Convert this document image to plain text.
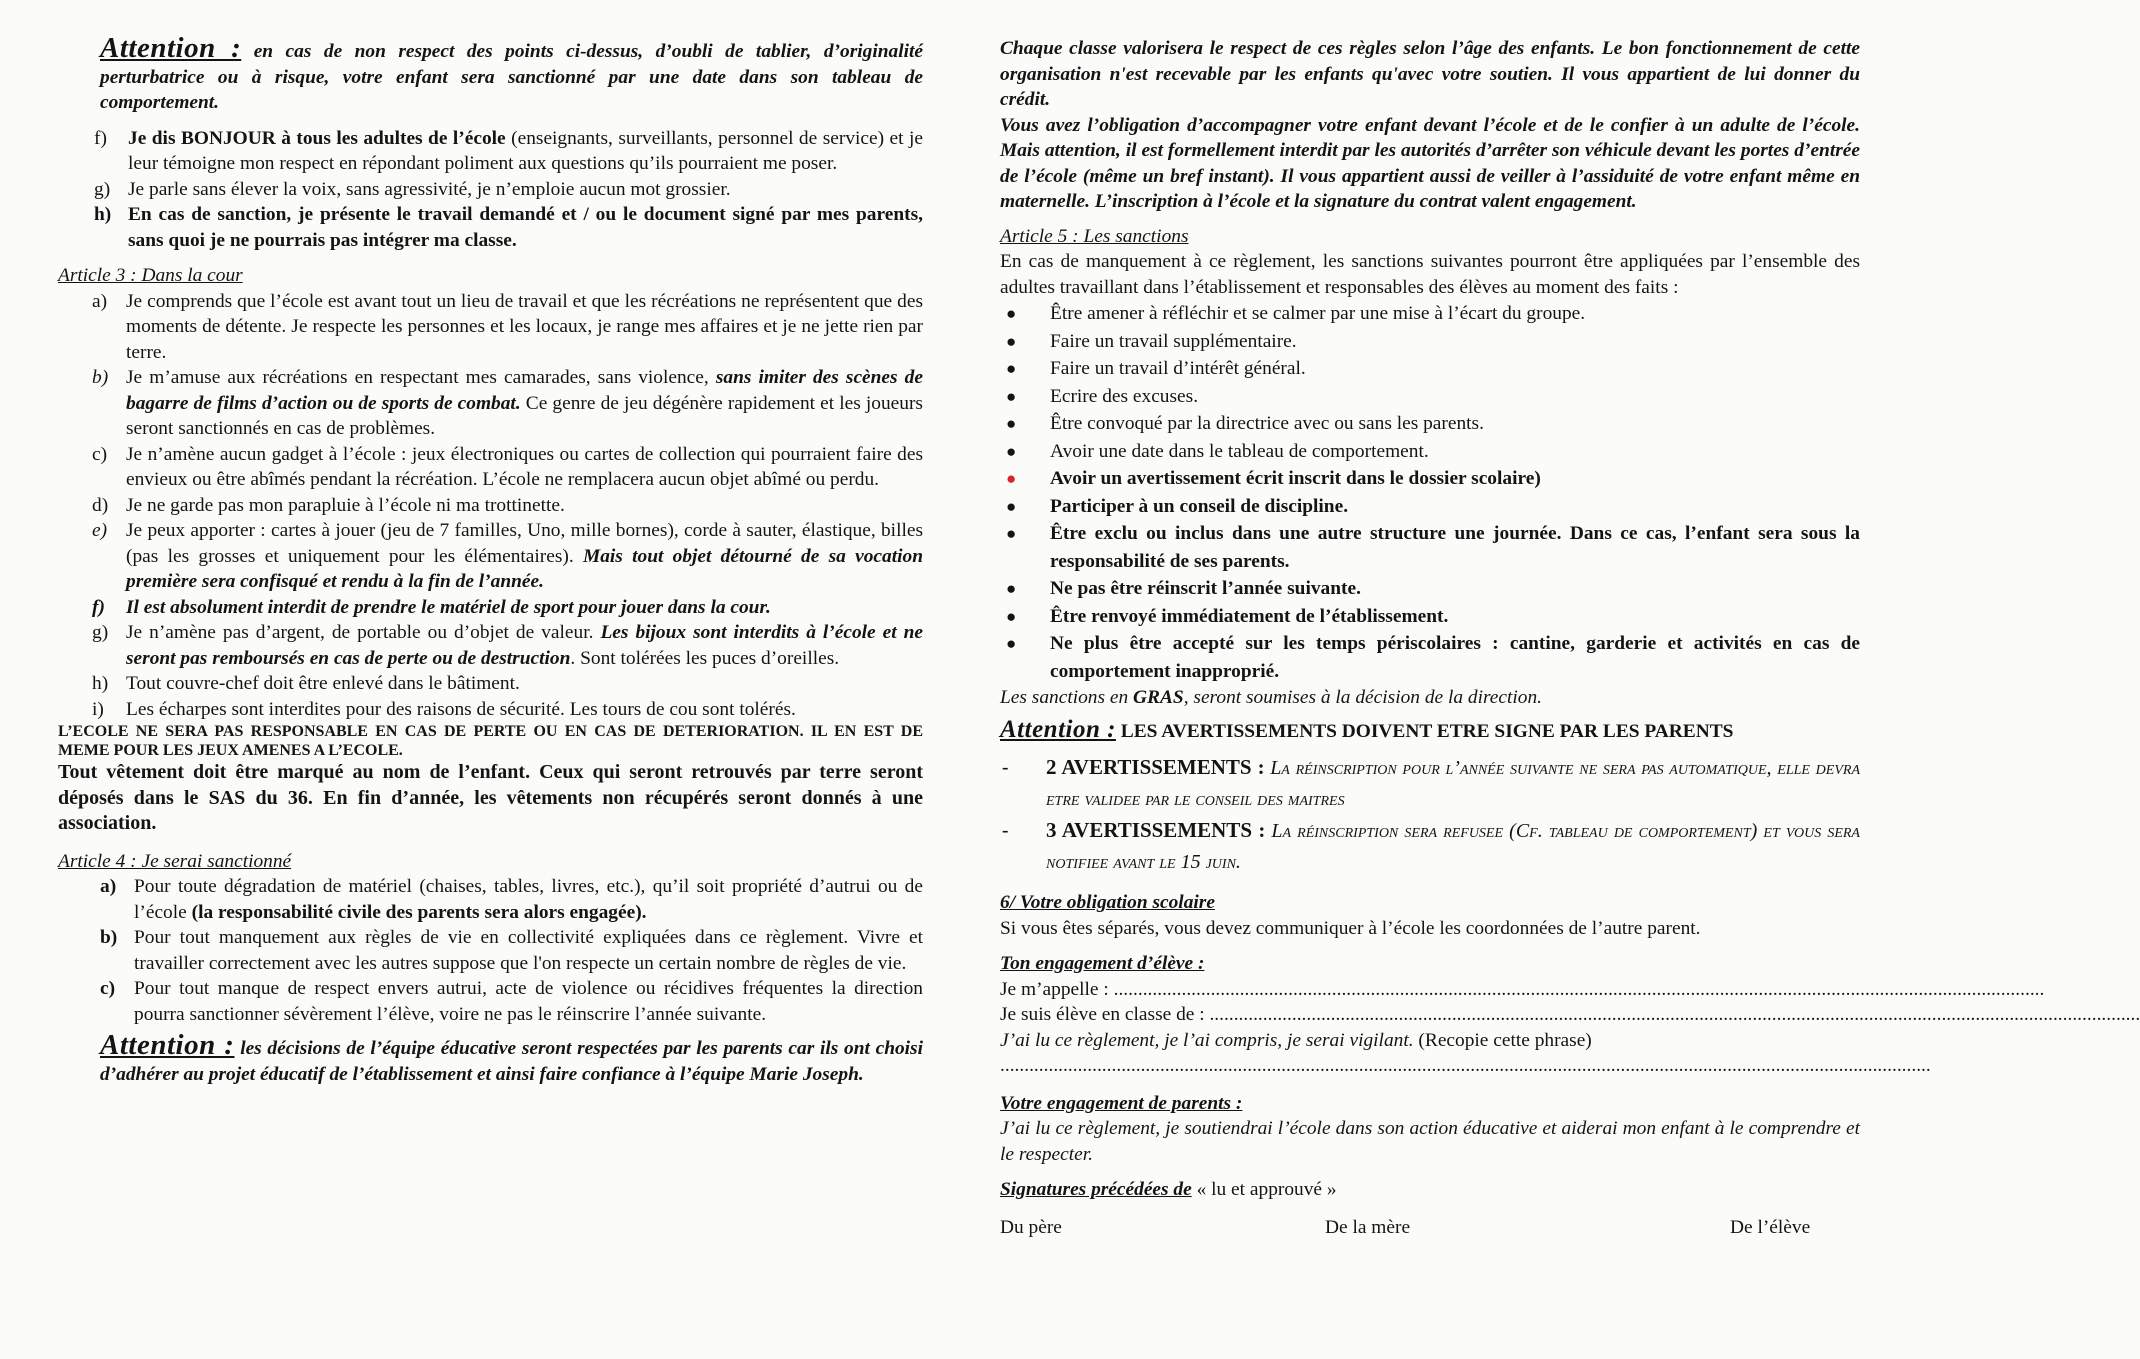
Attention : en cas de non respect des points ci-dessus, d’oubli de tablier, d’originalité perturbatrice ou à risque, votre enfant sera sanctionné par une date dans son tableau de comportement.

f)	Je dis BONJOUR à tous les adultes de l’école (enseignants, surveillants, personnel de service) et je leur témoigne mon respect en répondant poliment aux questions qu’ils pourraient me poser.
g) Je parle sans élever la voix, sans agressivité, je n’emploie aucun mot grossier.
h) En cas de sanction, je présente le travail demandé et / ou le document signé par mes parents, sans quoi je ne pourrais pas intégrer ma classe.

Article 3 : Dans la cour

a) Je comprends que l’école est avant tout un lieu de travail et que les récréations ne représentent que des moments de détente. Je respecte les personnes et les locaux, je range mes affaires et je ne jette rien par terre.
b) Je m’amuse aux récréations en respectant mes camarades, sans violence, sans imiter des scènes de bagarre de films d’action ou de sports de combat. Ce genre de jeu dégénère rapidement et les joueurs seront sanctionnés en cas de problèmes.
c) Je n’amène aucun gadget à l’école : jeux électroniques ou cartes de collection qui pourraient faire des envieux ou être abîmés pendant la récréation. L’école ne remplacera aucun objet abîmé ou perdu.
d) Je ne garde pas mon parapluie à l’école ni ma trottinette.
e) Je peux apporter : cartes à jouer (jeu de 7 familles, Uno, mille bornes), corde à sauter, élastique, billes (pas les grosses et uniquement pour les élémentaires). Mais tout objet détourné de sa vocation première sera confisqué et rendu à la fin de l’année.
f)	Il est absolument interdit de prendre le matériel de sport pour jouer dans la cour.
g) Je n’amène pas d’argent, de portable ou d’objet de valeur. Les bijoux sont interdits à l’école et ne seront pas remboursés en cas de perte ou de destruction. Sont tolérées les puces d’oreilles.
h) Tout couvre-chef doit être enlevé dans le bâtiment.
i)	Les écharpes sont interdites pour des raisons de sécurité. Les tours de cou sont tolérés.

L’ECOLE NE SERA PAS RESPONSABLE EN CAS DE PERTE OU EN CAS DE DETERIORATION. IL EN EST DE MEME POUR LES JEUX AMENES A L’ECOLE.

Tout vêtement doit être marqué au nom de l’enfant. Ceux qui seront retrouvés par terre seront déposés dans le SAS du 36. En fin d’année, les vêtements non récupérés seront donnés à une association.

Article 4 : Je serai sanctionné

a) Pour toute dégradation de matériel (chaises, tables, livres, etc.), qu’il soit propriété d’autrui ou de l’école (la responsabilité civile des parents sera alors engagée).
b) Pour tout manquement aux règles de vie en collectivité expliquées dans ce règlement. Vivre et travailler correctement avec les autres suppose que l'on respecte un certain nombre de règles de vie.
c) Pour tout manque de respect envers autrui, acte de violence ou récidives fréquentes la direction pourra sanctionner sévèrement l’élève, voire ne pas le réinscrire l’année suivante.

Attention : les décisions de l’équipe éducative seront respectées par les parents car ils ont choisi d’adhérer au projet éducatif de l’établissement et ainsi faire confiance à l’équipe Marie Joseph.

Chaque classe valorisera le respect de ces règles selon l’âge des enfants. Le bon fonctionnement de cette organisation n'est recevable par les enfants qu'avec votre soutien. Il vous appartient de lui donner du crédit.

Vous avez l’obligation d’accompagner votre enfant devant l’école et de le confier à un adulte de l’école. Mais attention, il est formellement interdit par les autorités d’arrêter son véhicule devant les portes d’entrée de l’école (même un bref instant). Il vous appartient aussi de veiller à l’assiduité de votre enfant même en maternelle. L’inscription à l’école et la signature du contrat valent engagement.

Article 5 : Les sanctions

En cas de manquement à ce règlement, les sanctions suivantes pourront être appliquées par l’ensemble des adultes travaillant dans l’établissement et responsables des élèves au moment des faits :

●	Être amener à réfléchir et se calmer par une mise à l’écart du groupe.
●	Faire un travail supplémentaire.
●	Faire un travail d’intérêt général.
●	Ecrire des excuses.
●	Être convoqué par la directrice avec ou sans les parents.
●	Avoir une date dans le tableau de comportement.
●	Avoir un avertissement écrit inscrit dans le dossier scolaire)
●	Participer à un conseil de discipline.
●	Être exclu ou inclus dans une autre structure une journée. Dans ce cas, l’enfant sera sous la responsabilité de ses parents.
●	Ne pas être réinscrit l’année suivante.
●	Être renvoyé immédiatement de l’établissement.
●	Ne plus être accepté sur les temps périscolaires : cantine, garderie et activités en cas de comportement inapproprié.

Les sanctions en GRAS, seront soumises à la décision de la direction.

Attention : LES AVERTISSEMENTS DOIVENT ETRE SIGNE PAR LES PARENTS

-	2 AVERTISSEMENTS : La réinscription pour l’année suivante ne sera pas automatique, elle devra etre validee par le conseil des maitres
-	3 AVERTISSEMENTS : La réinscription sera refusee (Cf. tableau de comportement) et vous sera notifiee avant le 15 juin.

6/ Votre obligation scolaire

Si vous êtes séparés, vous devez communiquer à l’école les coordonnées de l’autre parent.

Ton engagement d’élève :

Je m’appelle : ................................................................................................................................................................................................

Je suis élève en classe de : ................................................................................................................................................................................................

J’ai lu ce règlement, je l’ai compris, je serai vigilant. (Recopie cette phrase)

................................................................................................................................................................................................

Votre engagement de parents :

J’ai lu ce règlement, je soutiendrai l’école dans son action éducative et aiderai mon enfant à le comprendre et le respecter.

Signatures précédées de « lu et approuvé »

Du père	De la mère	De l’élève
